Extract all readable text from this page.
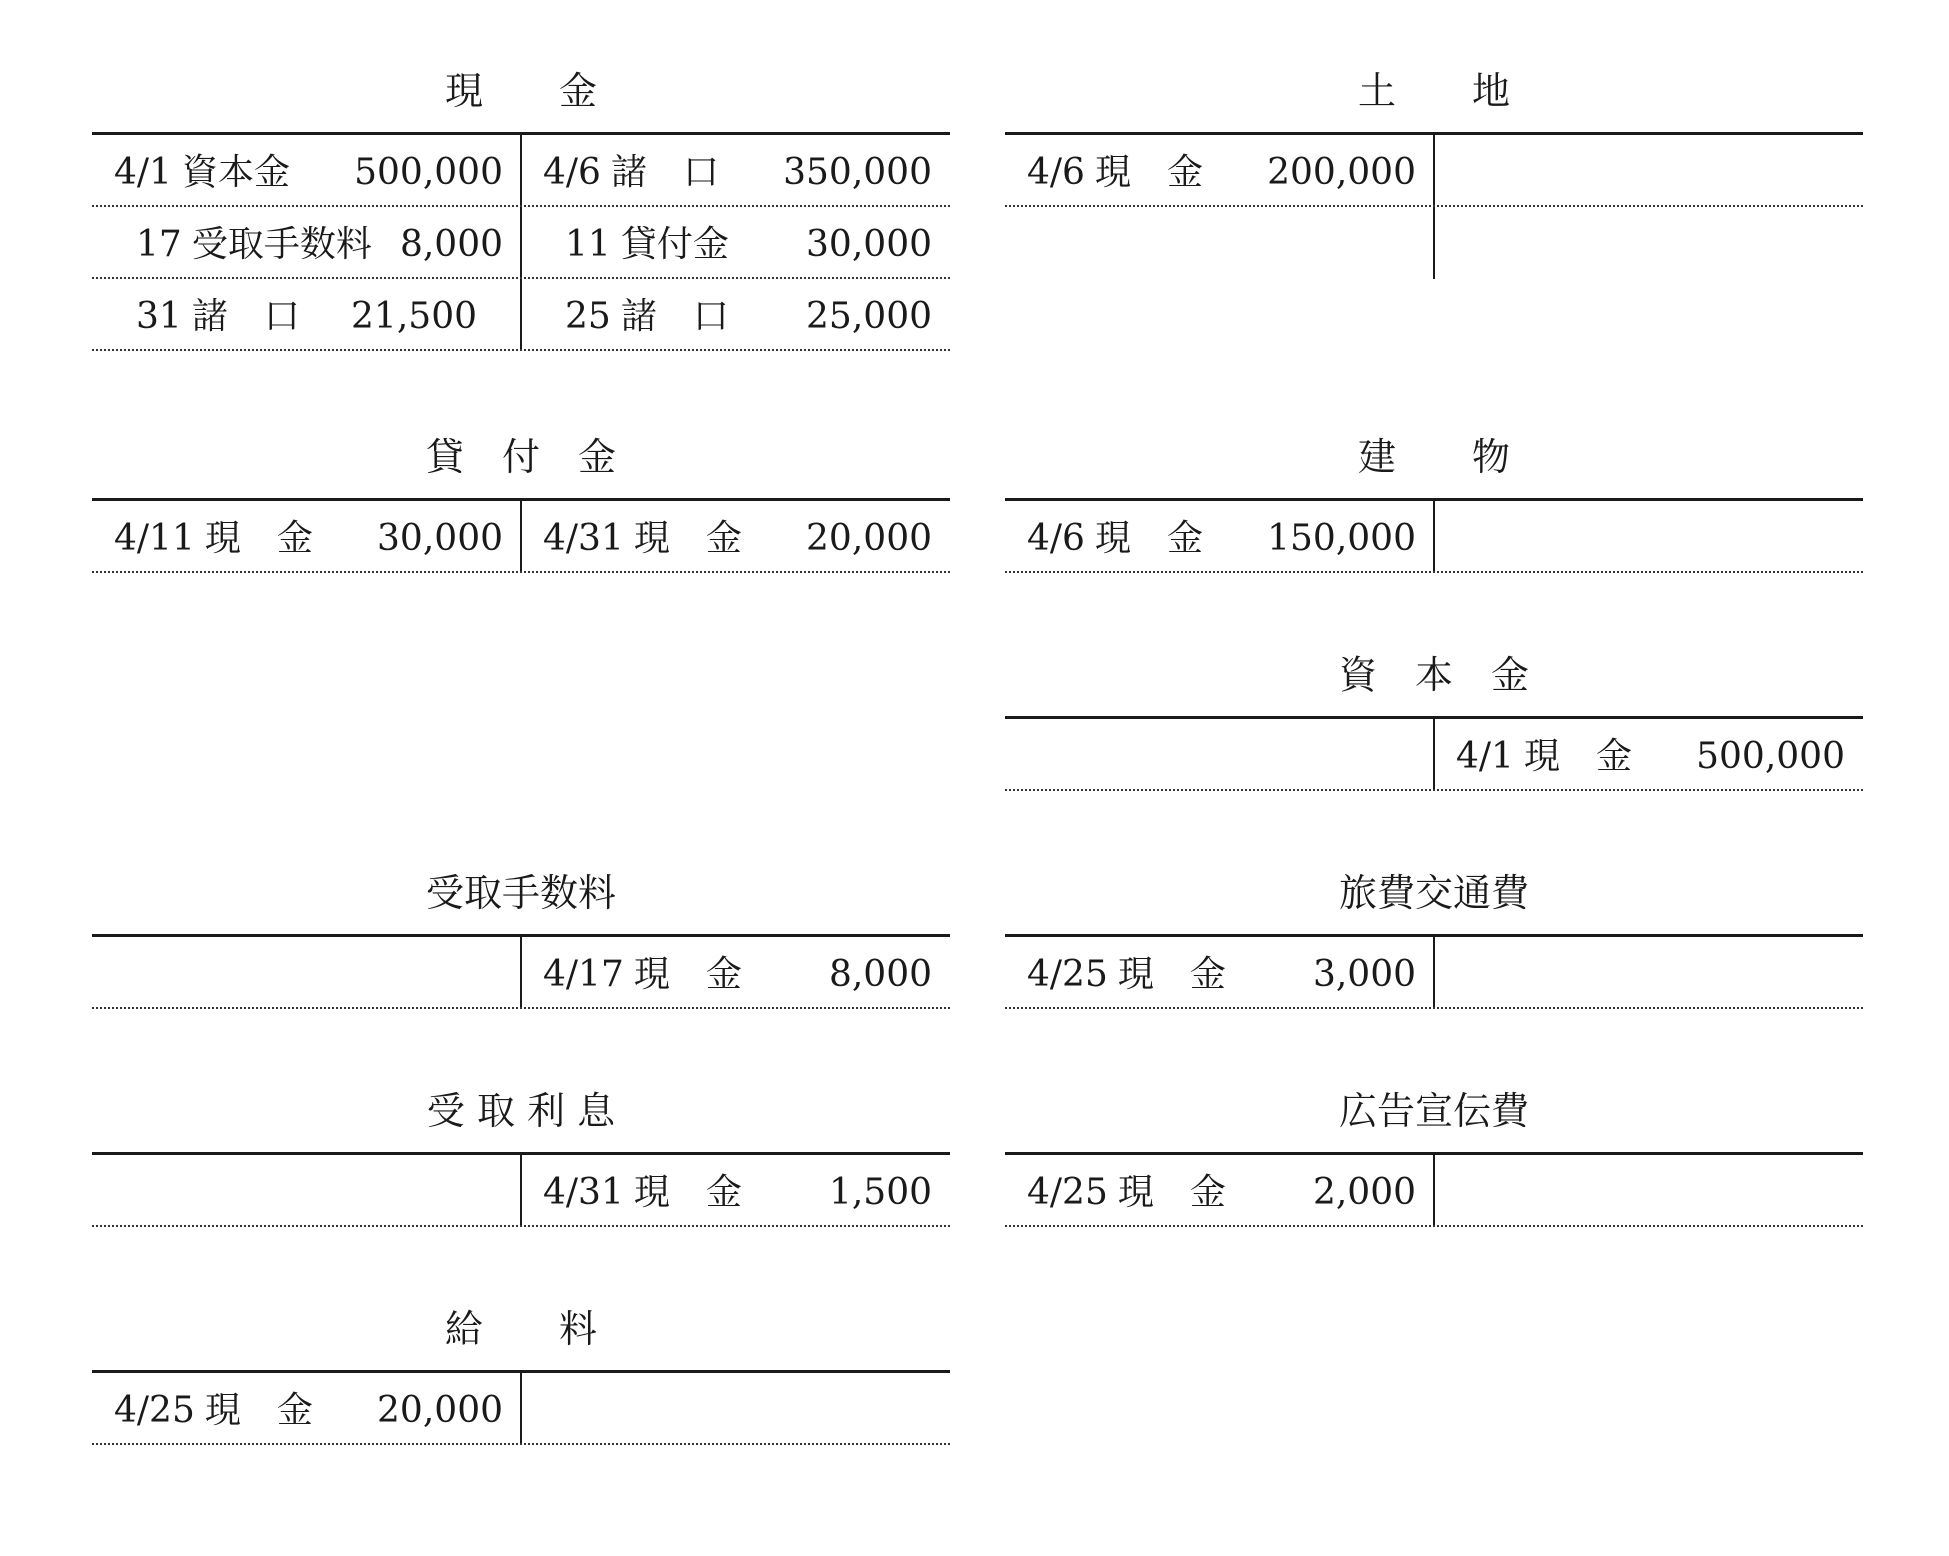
現　　金
4/1 資本金 500,000 4/6 諸　口 350,000
17 受取手数料 8,000	11 貸付金 30,000
31 諸　口 21,500	25 諸　口 25,000
土　　地
4/6 現　金 200,000
貸　付　金
4/11 現　金 30,000 4/31 現　金 20,000
建　　物
4/6 現　金 150,000
資　本　金
4/1 現　金 500,000
受取手数料
4/17 現　金 8,000
旅費交通費
4/25 現　金 3,000
受 取 利 息
4/31 現　金 1,500
広告宣伝費
4/25 現　金 2,000
給　　料
4/25 現　金 20,000
